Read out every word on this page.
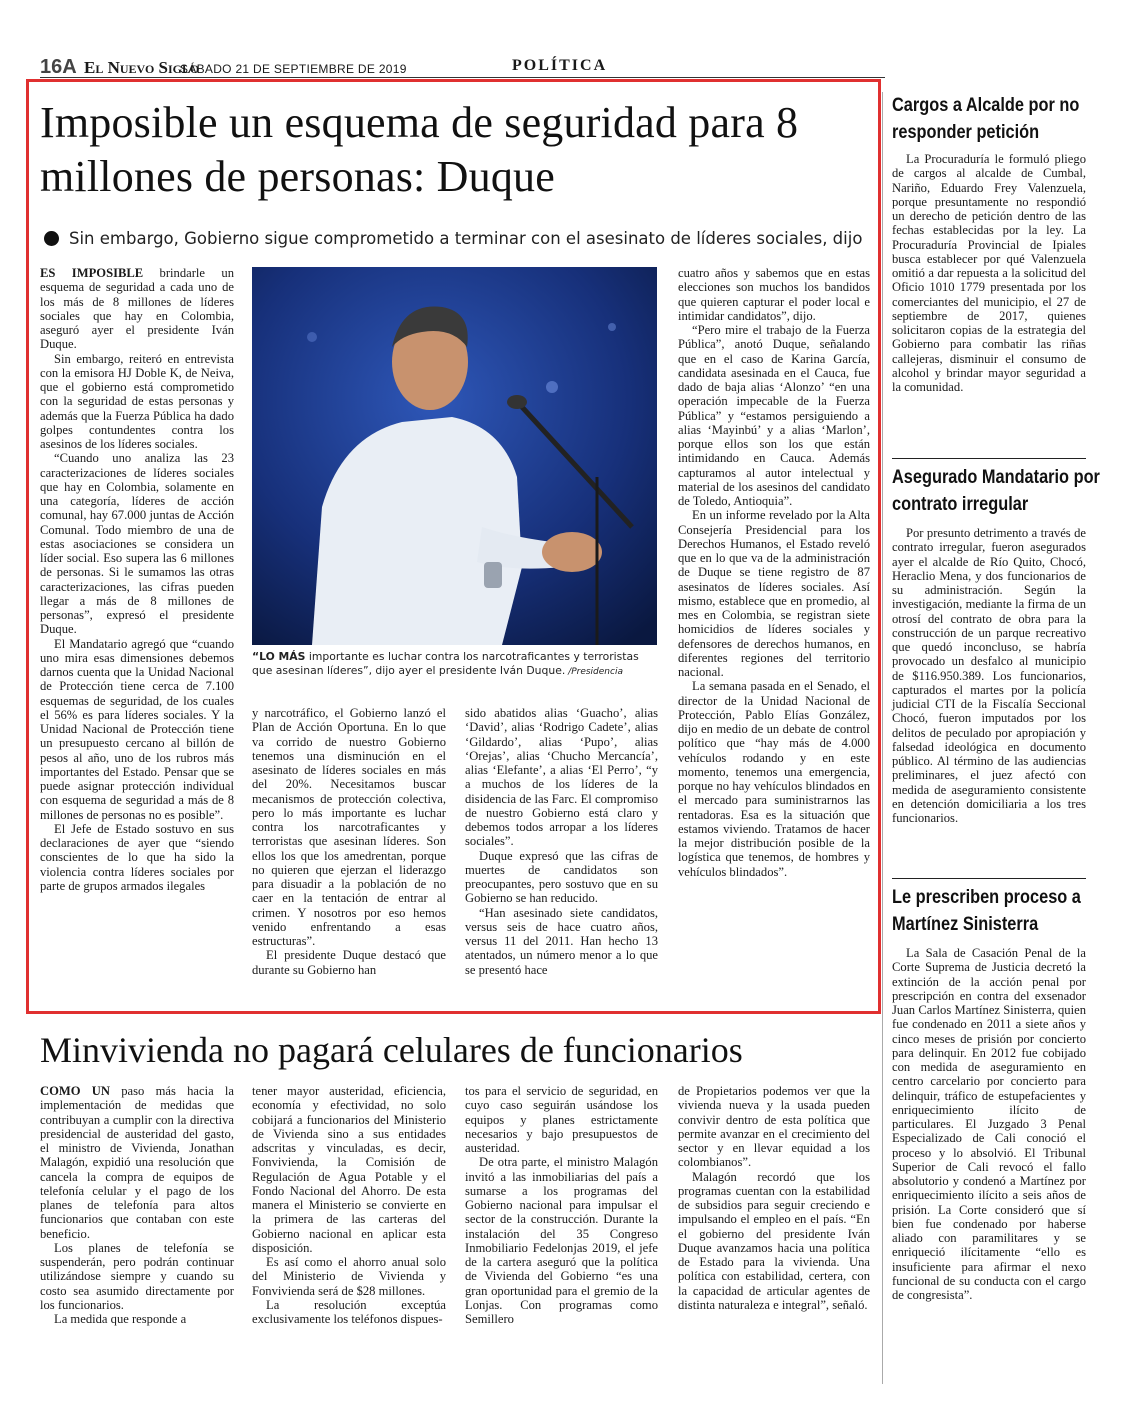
16A El Nuevo Siglo
SÁBADO 21 DE SEPTIEMBRE DE 2019	POLÍTICA
Imposible un esquema de seguridad para 8 millones de personas: Duque
Sin embargo, Gobierno sigue comprometido a terminar con el asesinato de líderes sociales, dijo

ES IMPOSIBLE brindarle un esquema de seguridad a cada uno de los más de 8 millones de líderes sociales que hay en Colombia, aseguró ayer el presidente Iván Duque.

Sin embargo, reiteró en entrevista con la emisora HJ Doble K, de Neiva, que el gobierno está comprometido con la seguridad de estas personas y además que la Fuerza Pública ha dado golpes contundentes contra los asesinos de los líderes sociales.

“Cuando uno analiza las 23 caracterizaciones de líderes sociales que hay en Colombia, solamente en una categoría, líderes de acción comunal, hay 67.000 juntas de Acción Comunal. Todo miembro de una de estas asociaciones se considera un líder social. Eso supera las 6 millones de personas. Si le sumamos las otras caracterizaciones, las cifras pueden llegar a más de 8 millones de personas”, expresó el presidente Duque.

El Mandatario agregó que “cuando uno mira esas dimensiones debemos darnos cuenta que la Unidad Nacional de Protección tiene cerca de 7.100 esquemas de seguridad, de los cuales el 56% es para líderes sociales. Y la Unidad Nacional de Protección tiene un presupuesto cercano al billón de pesos al año, uno de los rubros más importantes del Estado. Pensar que se puede asignar protección individual con esquema de seguridad a más de 8 millones de personas no es posible”.

El Jefe de Estado sostuvo en sus declaraciones de ayer que “siendo conscientes de lo que ha sido la violencia contra líderes sociales por parte de grupos armados ilegales

“LO MÁS importante es luchar contra los narcotraficantes y terroristas que asesinan líderes”, dijo ayer el presidente Iván Duque. /Presidencia

y narcotráfico, el Gobierno lanzó el Plan de Acción Oportuna. En lo que va corrido de nuestro Gobierno tenemos una disminución en el asesinato de líderes sociales en más del 20%. Necesitamos buscar mecanismos de protección colectiva, pero lo más importante es luchar contra los narcotraficantes y terroristas que asesinan líderes. Son ellos los que los amedrentan, porque no quieren que ejerzan el liderazgo para disuadir a la población de no caer en la tentación de entrar al crimen. Y nosotros por eso hemos venido enfrentando a esas estructuras”.

El presidente Duque destacó que durante su Gobierno han

sido abatidos alias ‘Guacho’, alias ‘David’, alias ‘Rodrigo Cadete’, alias ‘Gildardo’, alias ‘Pupo’, alias ‘Orejas’, alias ‘Chucho Mercancía’, alias ‘Elefante’, a alias ‘El Perro’, “y a muchos de los líderes de la disidencia de las Farc. El compromiso de nuestro Gobierno está claro y debemos todos arropar a los líderes sociales”.

Duque expresó que las cifras de muertes de candidatos son preocupantes, pero sostuvo que en su Gobierno se han reducido.

“Han asesinado siete candidatos, versus seis de hace cuatro años, versus 11 del 2011. Han hecho 13 atentados, un número menor a lo que se presentó hace

cuatro años y sabemos que en estas elecciones son muchos los bandidos que quieren capturar el poder local e intimidar candidatos”, dijo.

“Pero mire el trabajo de la Fuerza Pública”, anotó Duque, señalando que en el caso de Karina García, candidata asesinada en el Cauca, fue dado de baja alias ‘Alonzo’ “en una operación impecable de la Fuerza Pública” y “estamos persiguiendo a alias ‘Mayinbú’ y a alias ‘Marlon’, porque ellos son los que están intimidando en Cauca. Además capturamos al autor intelectual y material de los asesinos del candidato de Toledo, Antioquia”.

En un informe revelado por la Alta Consejería Presidencial para los Derechos Humanos, el Estado reveló que en lo que va de la administración de Duque se tiene registro de 87 asesinatos de líderes sociales. Así mismo, establece que en promedio, al mes en Colombia, se registran siete homicidios de líderes sociales y defensores de derechos humanos, en diferentes regiones del territorio nacional.

La semana pasada en el Senado, el director de la Unidad Nacional de Protección, Pablo Elías González, dijo en medio de un debate de control político que “hay más de 4.000 vehículos rodando y en este momento, tenemos una emergencia, porque no hay vehículos blindados en el mercado para suministrarnos las rentadoras. Esa es la situación que estamos viviendo. Tratamos de hacer la mejor distribución posible de la logística que tenemos, de hombres y vehículos blindados”.

Minvivienda no pagará celulares de funcionarios

COMO UN paso más hacia la implementación de medidas que contribuyan a cumplir con la directiva presidencial de austeridad del gasto, el ministro de Vivienda, Jonathan Malagón, expidió una resolución que cancela la compra de equipos de telefonía celular y el pago de los planes de telefonía para altos funcionarios que contaban con este beneficio.

Los planes de telefonía se suspenderán, pero podrán continuar utilizándose siempre y cuando su costo sea asumido directamente por los funcionarios.

La medida que responde a

tener mayor austeridad, eficiencia, economía y efectividad, no solo cobijará a funcionarios del Ministerio de Vivienda sino a sus entidades adscritas y vinculadas, es decir, Fonvivienda, la Comisión de Regulación de Agua Potable y el Fondo Nacional del Ahorro. De esta manera el Ministerio se convierte en la primera de las carteras del Gobierno nacional en aplicar esta disposición.

Es así como el ahorro anual solo del Ministerio de Vivienda y Fonvivienda será de $28 millones.

La resolución exceptúa exclusivamente los teléfonos dispues-

tos para el servicio de seguridad, en cuyo caso seguirán usándose los equipos y planes estrictamente necesarios y bajo presupuestos de austeridad.

De otra parte, el ministro Malagón invitó a las inmobiliarias del país a sumarse a los programas del Gobierno nacional para impulsar el sector de la construcción. Durante la instalación del 35 Congreso Inmobiliario Fedelonjas 2019, el jefe de la cartera aseguró que la política de Vivienda del Gobierno “es una gran oportunidad para el gremio de la Lonjas. Con programas como Semillero

de Propietarios podemos ver que la vivienda nueva y la usada pueden convivir dentro de esta política que permite avanzar en el crecimiento del sector y en llevar equidad a los colombianos”.

Malagón recordó que los programas cuentan con la estabilidad de subsidios para seguir creciendo e impulsando el empleo en el país. “En el gobierno del presidente Iván Duque avanzamos hacia una política de Estado para la vivienda. Una política con estabilidad, certera, con la capacidad de articular agentes de distinta naturaleza e integral”, señaló.

Cargos a Alcalde por no responder petición

La Procuraduría le formuló pliego de cargos al alcalde de Cumbal, Nariño, Eduardo Frey Valenzuela, porque presuntamente no respondió un derecho de petición dentro de las fechas establecidas por la ley. La Procuraduría Provincial de Ipiales busca establecer por qué Valenzuela omitió a dar repuesta a la solicitud del Oficio 1010 1779 presentada por los comerciantes del municipio, el 27 de septiembre de 2017, quienes solicitaron copias de la estrategia del Gobierno para combatir las riñas callejeras, disminuir el consumo de alcohol y brindar mayor seguridad a la comunidad.

Asegurado Mandatario por contrato irregular

Por presunto detrimento a través de contrato irregular, fueron asegurados ayer el alcalde de Río Quito, Chocó, Heraclio Mena, y dos funcionarios de su administración. Según la investigación, mediante la firma de un otrosí del contrato de obra para la construcción de un parque recreativo que quedó inconcluso, se habría provocado un desfalco al municipio de $116.950.389. Los funcionarios, capturados el martes por la policía judicial CTI de la Fiscalía Seccional Chocó, fueron imputados por los delitos de peculado por apropiación y falsedad ideológica en documento público. Al término de las audiencias preliminares, el juez afectó con medida de aseguramiento consistente en detención domiciliaria a los tres funcionarios.

Le prescriben proceso a Martínez Sinisterra

La Sala de Casación Penal de la Corte Suprema de Justicia decretó la extinción de la acción penal por prescripción en contra del exsenador Juan Carlos Martínez Sinisterra, quien fue condenado en 2011 a siete años y cinco meses de prisión por concierto para delinquir. En 2012 fue cobijado con medida de aseguramiento en centro carcelario por concierto para delinquir, tráfico de estupefacientes y enriquecimiento ilícito de particulares. El Juzgado 3 Penal Especializado de Cali conoció el proceso y lo absolvió. El Tribunal Superior de Cali revocó el fallo absolutorio y condenó a Martínez por enriquecimiento ilícito a seis años de prisión. La Corte consideró que sí bien fue condenado por haberse aliado con paramilitares y se enriqueció ilícitamente “ello es insuficiente para afirmar el nexo funcional de su conducta con el cargo de congresista”.
